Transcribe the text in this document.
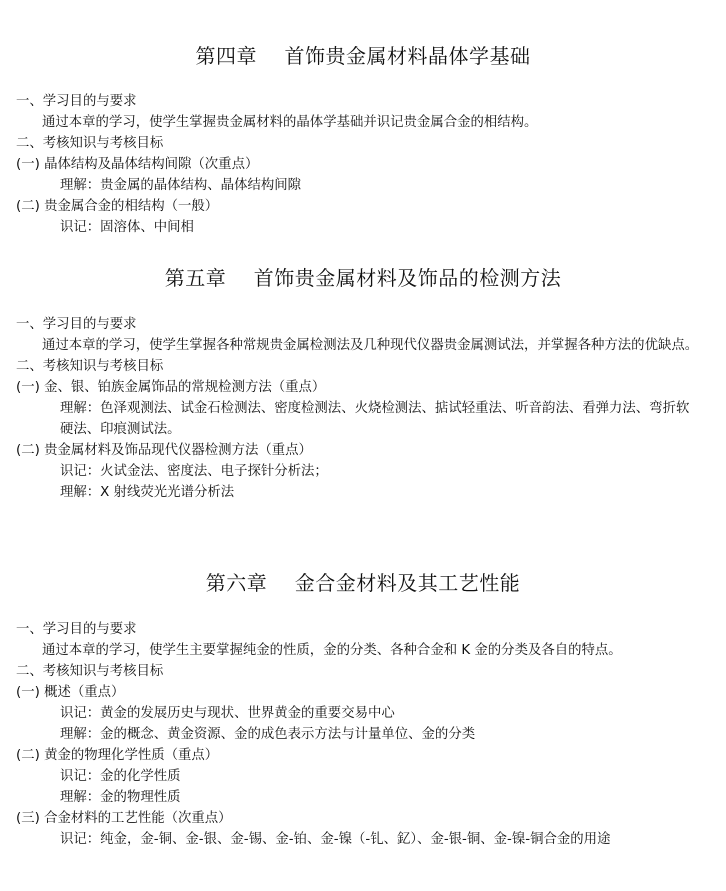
第四章    首饰贵金属材料晶体学基础
一、学习目的与要求
通过本章的学习，使学生掌握贵金属材料的晶体学基础并识记贵金属合金的相结构。
二、考核知识与考核目标
(一) 晶体结构及晶体结构间隙（次重点）
理解：贵金属的晶体结构、晶体结构间隙
(二) 贵金属合金的相结构（一般）
识记：固溶体、中间相
第五章    首饰贵金属材料及饰品的检测方法
一、学习目的与要求
通过本章的学习，使学生掌握各种常规贵金属检测法及几种现代仪器贵金属测试法，并掌握各种方法的优缺点。
二、考核知识与考核目标
(一) 金、银、铂族金属饰品的常规检测方法（重点）
理解：色泽观测法、试金石检测法、密度检测法、火烧检测法、掂试轻重法、听音韵法、看弹力法、弯折软
硬法、印痕测试法。
(二) 贵金属材料及饰品现代仪器检测方法（重点）
识记：火试金法、密度法、电子探针分析法；
理解：X 射线荧光光谱分析法
第六章    金合金材料及其工艺性能
一、学习目的与要求
通过本章的学习，使学生主要掌握纯金的性质，金的分类、各种合金和 K 金的分类及各自的特点。
二、考核知识与考核目标
(一) 概述（重点）
识记：黄金的发展历史与现状、世界黄金的重要交易中心
理解：金的概念、黄金资源、金的成色表示方法与计量单位、金的分类
(二) 黄金的物理化学性质（重点）
识记：金的化学性质
理解：金的物理性质
(三) 合金材料的工艺性能（次重点）
识记：纯金，金-铜、金-银、金-锡、金-铂、金-镍（-钆、釔）、金-银-铜、金-镍-铜合金的用途
